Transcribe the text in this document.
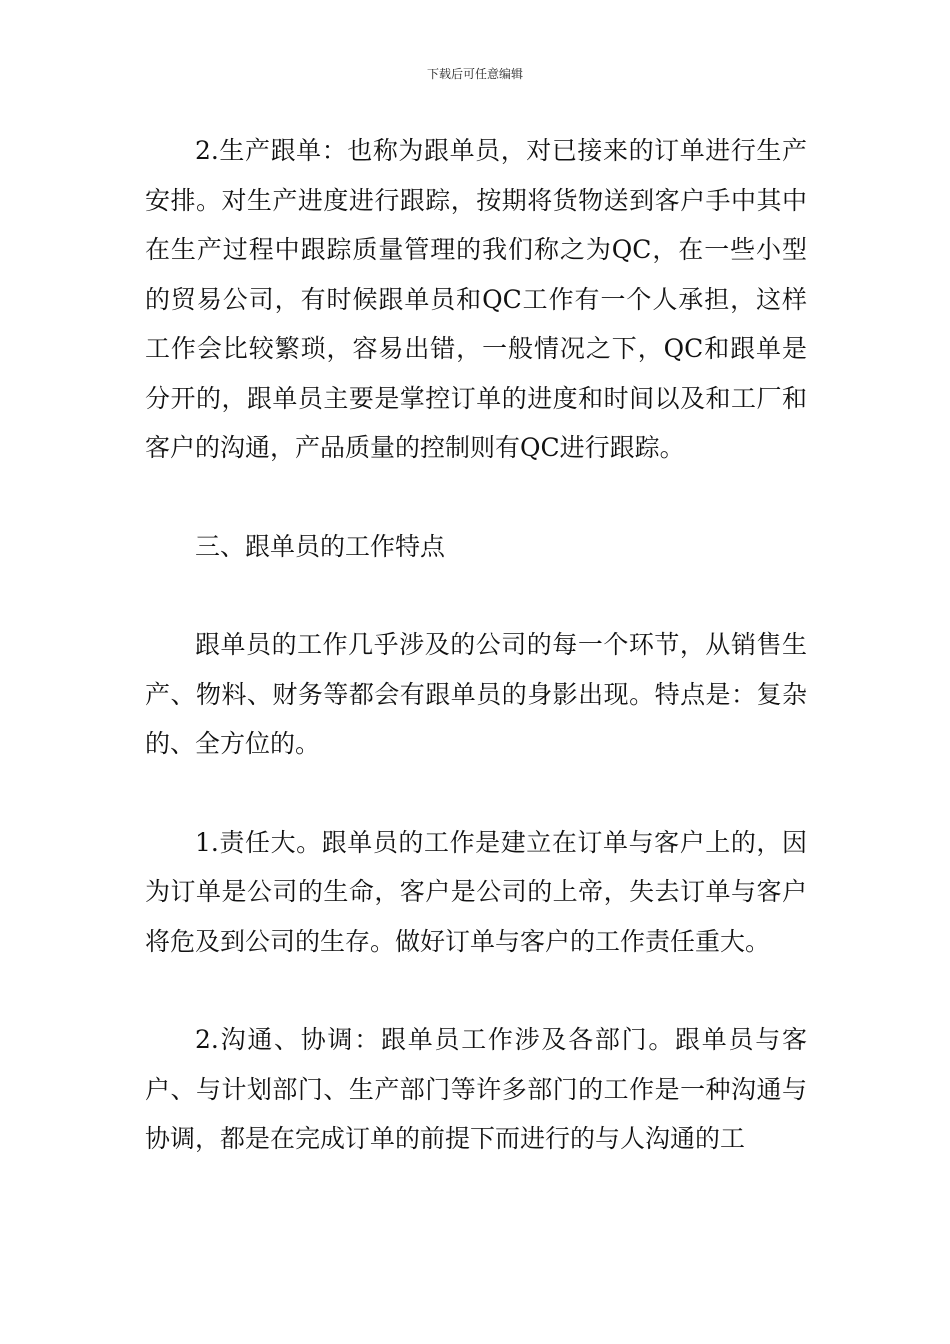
下载后可任意编辑

2.生产跟单：也称为跟单员，对已接来的订单进行生产安排。对生产进度进行跟踪，按期将货物送到客户手中其中在生产过程中跟踪质量管理的我们称之为QC，在一些小型的贸易公司，有时候跟单员和QC工作有一个人承担，这样工作会比较繁琐，容易出错，一般情况之下，QC和跟单是分开的，跟单员主要是掌控订单的进度和时间以及和工厂和客户的沟通，产品质量的控制则有QC进行跟踪。

三、跟单员的工作特点

跟单员的工作几乎涉及的公司的每一个环节，从销售生产、物料、财务等都会有跟单员的身影出现。特点是：复杂的、全方位的。

1.责任大。跟单员的工作是建立在订单与客户上的，因为订单是公司的生命，客户是公司的上帝，失去订单与客户将危及到公司的生存。做好订单与客户的工作责任重大。

2.沟通、协调：跟单员工作涉及各部门。跟单员与客户、与计划部门、生产部门等许多部门的工作是一种沟通与协调，都是在完成订单的前提下而进行的与人沟通的工
